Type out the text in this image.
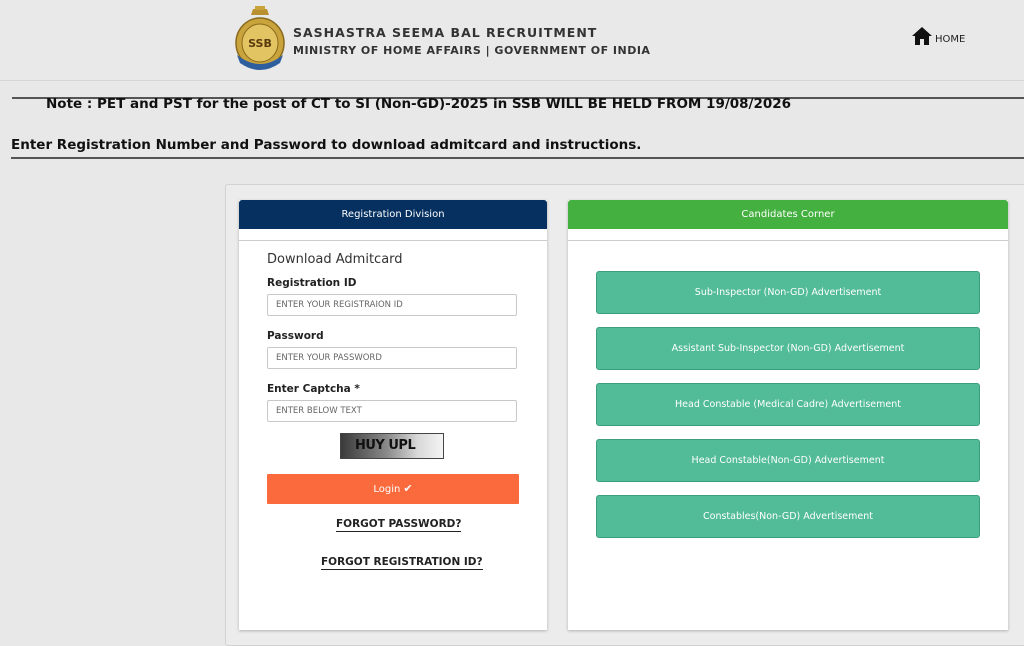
SSB
SASHASTRA SEEMA BAL RECRUITMENT
MINISTRY OF HOME AFFAIRS | GOVERNMENT OF INDIA
HOME
Note : PET and PST for the post of CT to SI (Non-GD)-2025 in SSB WILL BE HELD FROM 19/08/2026
Enter Registration Number and Password to download admitcard and instructions.
Registration Division
Download Admitcard
Registration ID
ENTER YOUR REGISTRAION ID
Password
Enter Captcha *
ENTER BELOW TEXT
HUY UPL
Login ✔
FORGOT PASSWORD?
FORGOT REGISTRATION ID?
Candidates Corner
Sub-Inspector (Non-GD) Advertisement
Assistant Sub-Inspector (Non-GD) Advertisement
Head Constable (Medical Cadre) Advertisement
Head Constable(Non-GD) Advertisement
Constables(Non-GD) Advertisement
